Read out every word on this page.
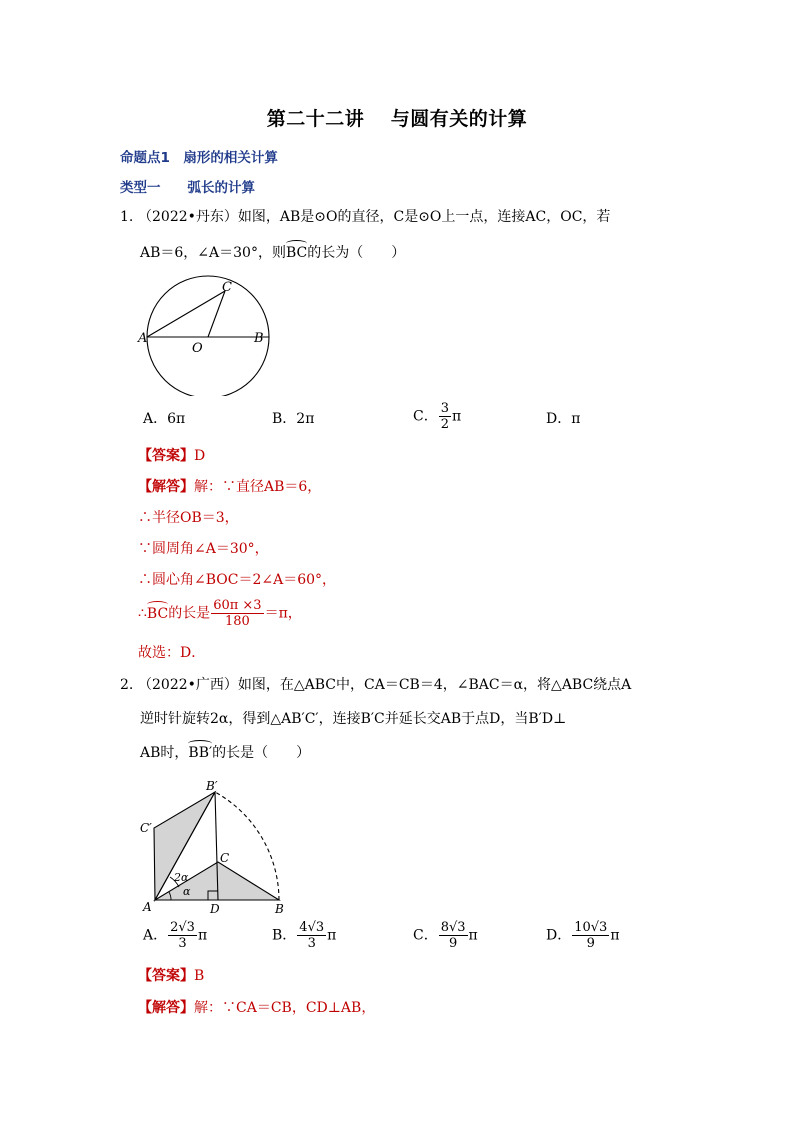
第二十二讲　 与圆有关的计算
命题点1　扇形的相关计算
类型一　　弧长的计算
1. （2022•丹东）如图，AB是⊙O的直径，C是⊙O上一点，连接AC，OC，若
AB＝6，∠A＝30°，则BC的长为（　　）
A	B
C
O
A．6π	B．2π	C． $\frac{3}{2}$ π	D．π
【答案】D
【解答】解：∵直径AB＝6，
∴半径OB＝3，
∵圆周角∠A＝30°，
∴圆心角∠BOC＝2∠A＝60°，
∴BC的长是 $\frac{60\pi \times 3}{180} =\pi$，
故选：D．
2. （2022•广西）如图，在△ABC中，CA＝CB＝4，∠BAC＝α，将△ABC绕点A
逆时针旋转2α，得到△AB′C′，连接B′C并延长交AB于点D，当B′D⊥
AB时，BB′的长是（　　）
B′
C′
C
A	D	B
2α
α
A． $\frac{2√3}{3}$ π	B． $\frac{4√3}{3}$ π	C． $\frac{8√3}{9}$ π	D． $\frac{10√3}{9}$ π
【答案】B
【解答】解：∵CA＝CB，CD⊥AB，
